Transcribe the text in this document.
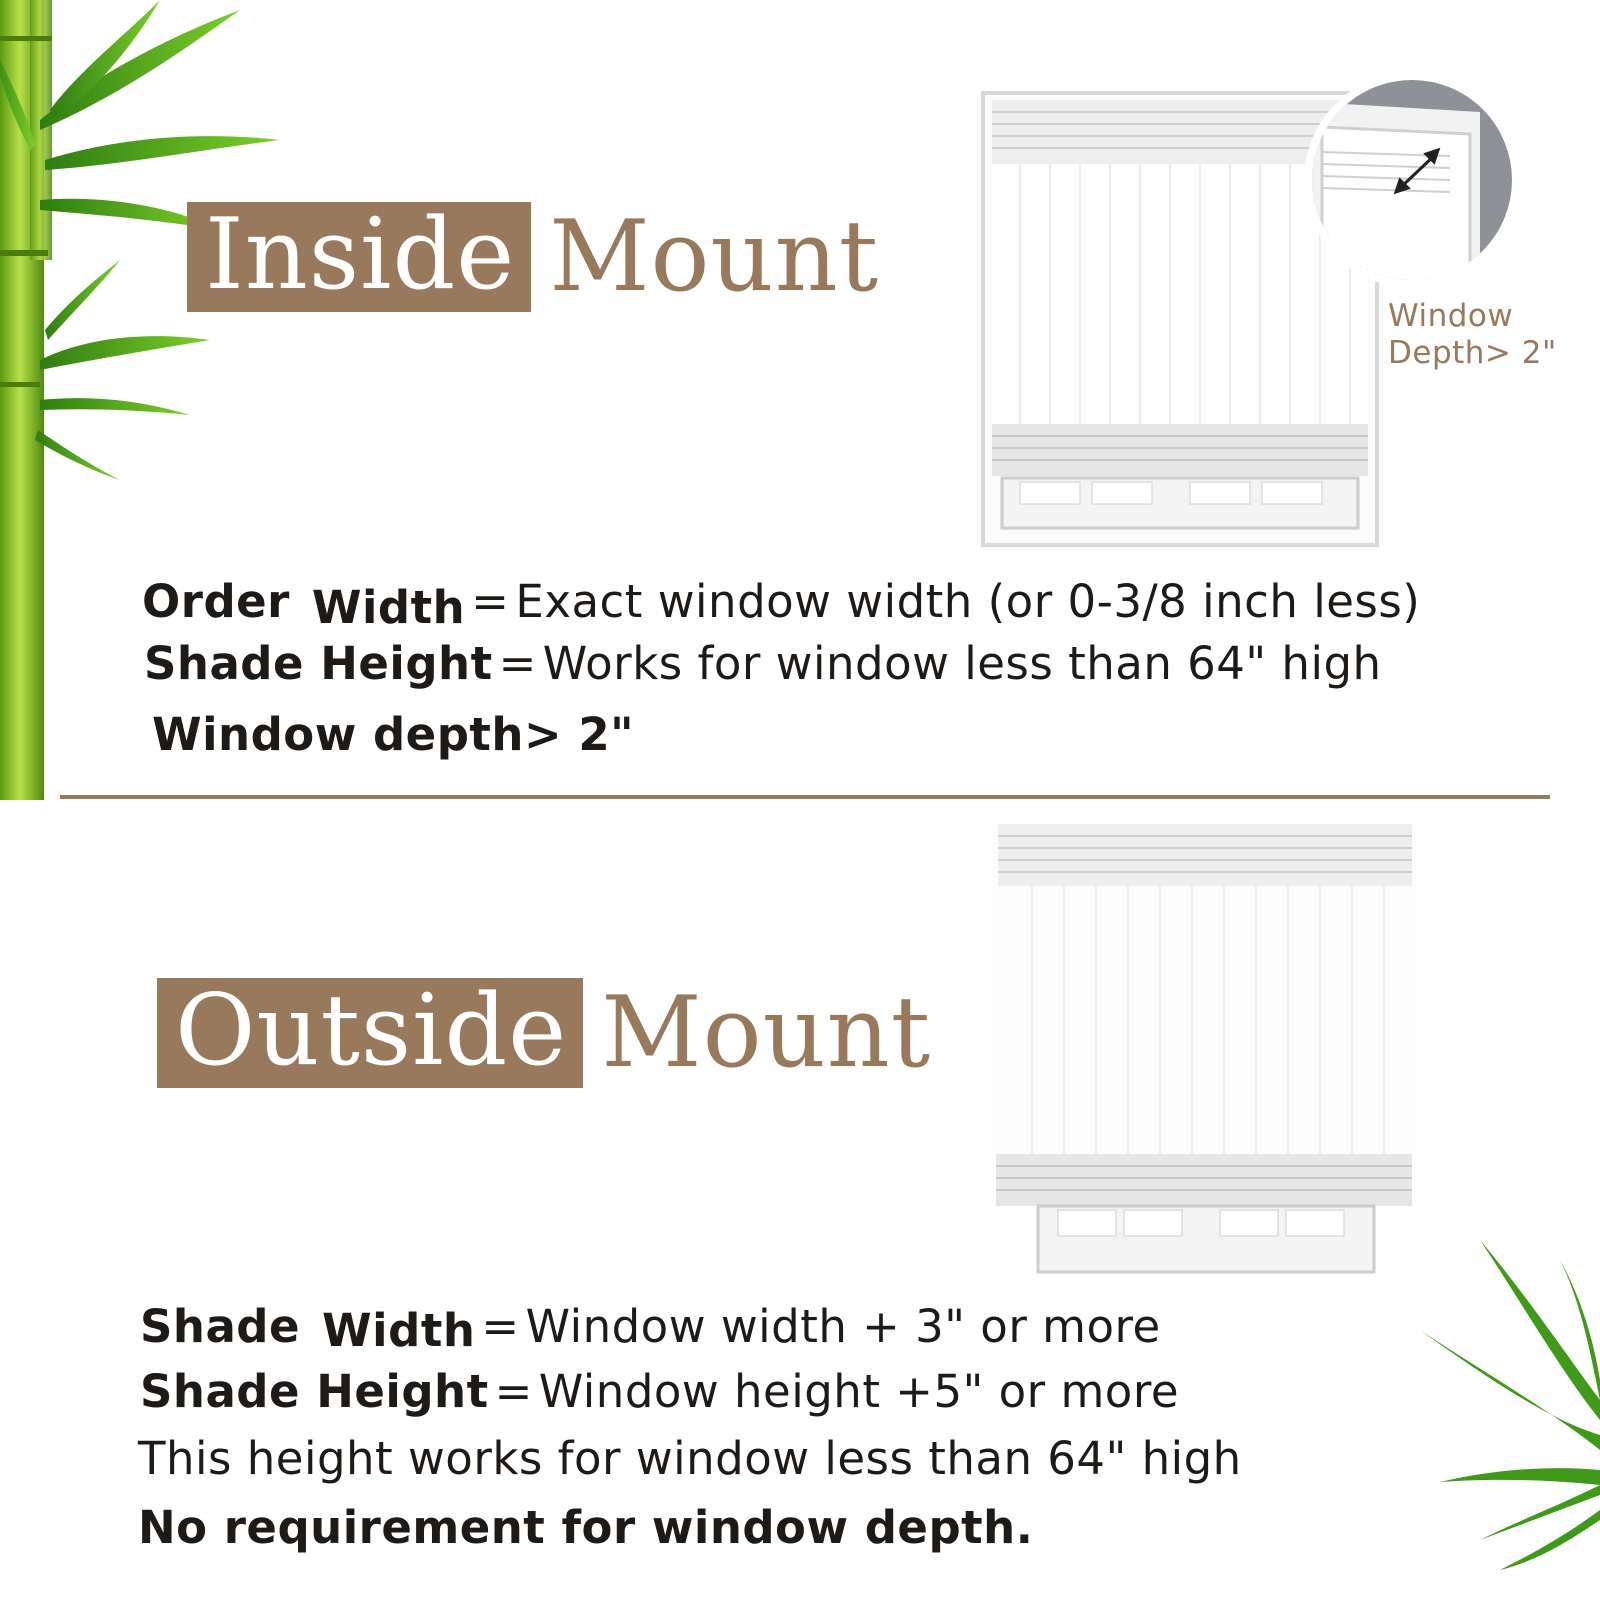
Inside Mount
Window
Depth> 2"
Order Width = Exact window width (or 0-3/8 inch less)
Shade Height = Works for window less than 64" high
Window depth> 2"
Outside Mount
Shade Width = Window width + 3" or more
Shade Height = Window height +5" or more
This height works for window less than 64" high
No requirement for window depth.
